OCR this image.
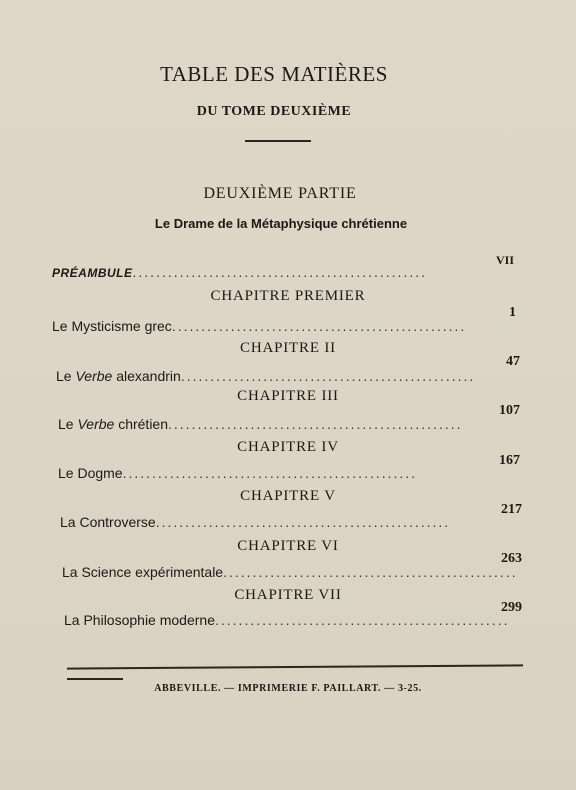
TABLE DES MATIÈRES
DU TOME DEUXIÈME
DEUXIÈME PARTIE
Le Drame de la Métaphysique chrétienne
PRÉAMBULE..................................................
VII
CHAPITRE PREMIER
Le Mysticisme grec..................................................
1
CHAPITRE II
Le Verbe alexandrin..................................................
47
CHAPITRE III
Le Verbe chrétien..................................................
107
CHAPITRE IV
Le Dogme..................................................
167
CHAPITRE V
La Controverse..................................................
217
CHAPITRE VI
La Science expérimentale..................................................
263
CHAPITRE VII
La Philosophie moderne..................................................
299
ABBEVILLE. — IMPRIMERIE F. PAILLART. — 3-25.
